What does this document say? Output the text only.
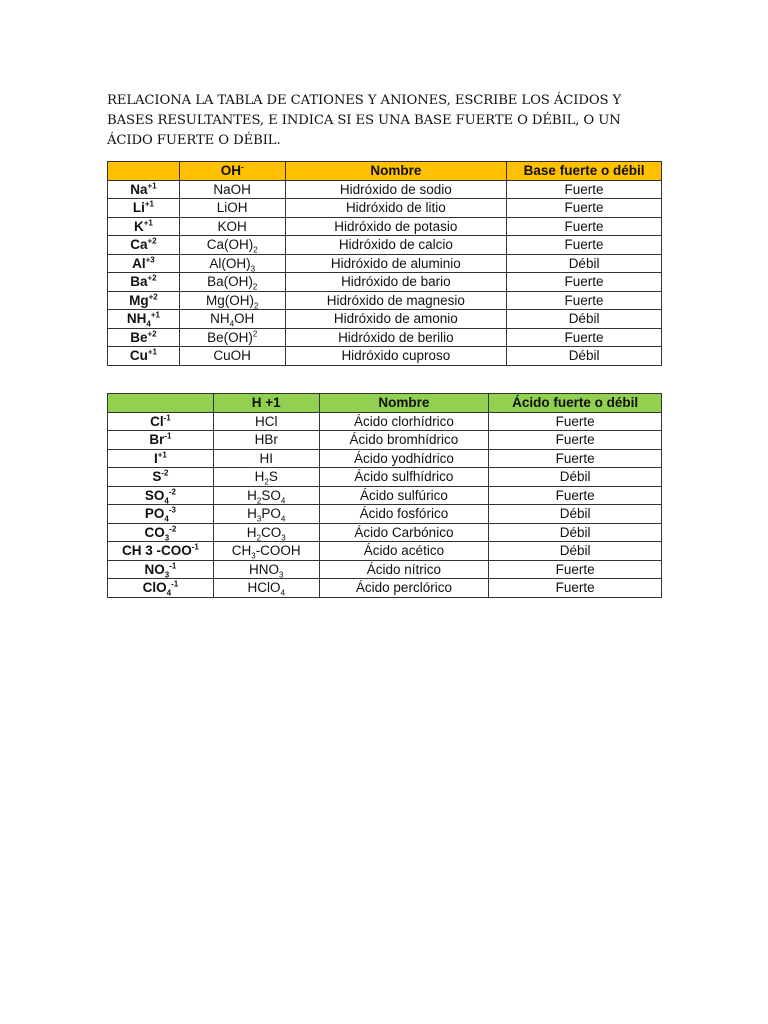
RELACIONA LA TABLA DE CATIONES Y ANIONES, ESCRIBE LOS ÁCIDOS Y BASES RESULTANTES, E INDICA SI ES UNA BASE FUERTE O DÉBIL, O UN ÁCIDO FUERTE O DÉBIL.
	OH-	Nombre	Base fuerte o débil
$Na^{+1}$	NaOH	Hidróxido de sodio	Fuerte
$Li^{+1}$	LiOH	Hidróxido de litio	Fuerte
$K^{+1}$	KOH	Hidróxido de potasio	Fuerte
$Ca^{+2}$	$Ca(OH)_2$	Hidróxido de calcio	Fuerte
$Al^{+3}$	$Al(OH)_3$	Hidróxido de aluminio	Débil
$Ba^{+2}$	$Ba(OH)_2$	Hidróxido de bario	Fuerte
$Mg^{+2}$	$Mg(OH)_2$	Hidróxido de magnesio	Fuerte
$NH_4^{+1}$	$NH_4OH$	Hidróxido de amonio	Débil
$Be^{+2}$	Be(OH)$^2$	Hidróxido de berilio	Fuerte
$Cu^{+1}$	CuOH	Hidróxido cuproso	Débil
	H +1	Nombre	Ácido fuerte o débil
$Cl^{-1}$	HCl	Ácido clorhídrico	Fuerte
$Br^{-1}$	HBr	Ácido bromhídrico	Fuerte
$I^{+1}$	HI	Ácido yodhídrico	Fuerte
$S^{-2}$	$H_2S$	Ácido sulfhídrico	Débil
$SO_4^{-2}$	$H_2SO_4$	Ácido sulfúrico	Fuerte
$PO_4^{-3}$	$H_3PO_4$	Ácido fosfórico	Débil
$CO_3^{-2}$	$H_2CO_3$	Ácido Carbónico	Débil
CH 3 $-COO^{-1}$	$CH_3$-COOH	Ácido acético	Débil
$NO_3^{-1}$	$HNO_3$	Ácido nítrico	Fuerte
ClO$_4^{-1}$	HClO$_4$	Ácido perclórico	Fuerte
